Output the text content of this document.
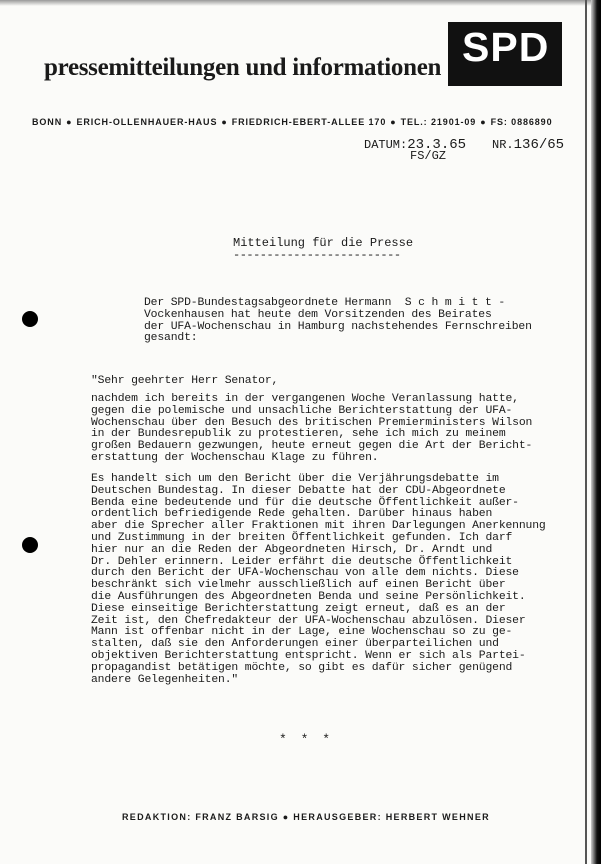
pressemitteilungen und informationen SPD
BONN ● ERICH-OLLENHAUER-HAUS ● FRIEDRICH-EBERT-ALLEE 170 ● TEL.: 21901-09 ● FS: 0886890
DATUM:23.3.65 NR.136/65
FS/GZ
Mitteilung für die Presse
-------------------------
Der SPD-Bundestagsabgeordnete Hermann  S c h m i t t -
Vockenhausen hat heute dem Vorsitzenden des Beirates
der UFA-Wochenschau in Hamburg nachstehendes Fernschreiben
gesandt:
"Sehr geehrter Herr Senator,
nachdem ich bereits in der vergangenen Woche Veranlassung hatte,
gegen die polemische und unsachliche Berichterstattung der UFA-
Wochenschau über den Besuch des britischen Premierministers Wilson
in der Bundesrepublik zu protestieren, sehe ich mich zu meinem
großen Bedauern gezwungen, heute erneut gegen die Art der Bericht-
erstattung der Wochenschau Klage zu führen.
Es handelt sich um den Bericht über die Verjährungsdebatte im
Deutschen Bundestag. In dieser Debatte hat der CDU-Abgeordnete
Benda eine bedeutende und für die deutsche Öffentlichkeit außer-
ordentlich befriedigende Rede gehalten. Darüber hinaus haben
aber die Sprecher aller Fraktionen mit ihren Darlegungen Anerkennung
und Zustimmung in der breiten Öffentlichkeit gefunden. Ich darf
hier nur an die Reden der Abgeordneten Hirsch, Dr. Arndt und
Dr. Dehler erinnern. Leider erfährt die deutsche Öffentlichkeit
durch den Bericht der UFA-Wochenschau von alle dem nichts. Diese
beschränkt sich vielmehr ausschließlich auf einen Bericht über
die Ausführungen des Abgeordneten Benda und seine Persönlichkeit.
Diese einseitige Berichterstattung zeigt erneut, daß es an der
Zeit ist, den Chefredakteur der UFA-Wochenschau abzulösen. Dieser
Mann ist offenbar nicht in der Lage, eine Wochenschau so zu ge-
stalten, daß sie den Anforderungen einer überparteilichen und
objektiven Berichterstattung entspricht. Wenn er sich als Partei-
propagandist betätigen möchte, so gibt es dafür sicher genügend
andere Gelegenheiten."
* * *
REDAKTION: FRANZ BARSIG ● HERAUSGEBER: HERBERT WEHNER
